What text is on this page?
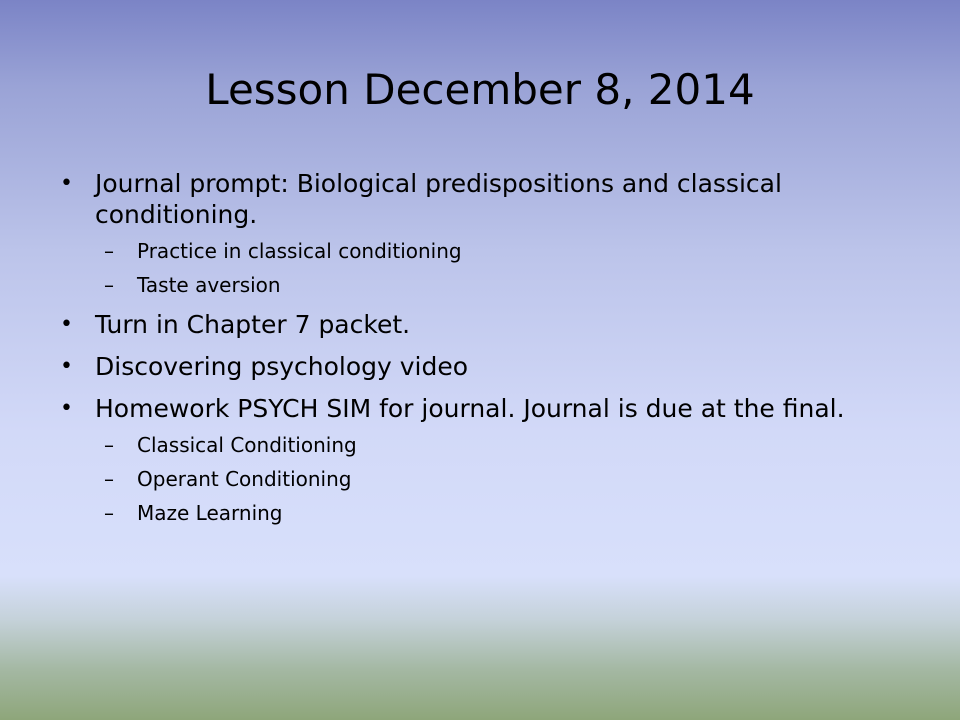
Lesson December 8, 2014
• Journal prompt: Biological predispositions and classical conditioning.
– Practice in classical conditioning
– Taste aversion
• Turn in Chapter 7 packet.
• Discovering psychology video
• Homework PSYCH SIM for journal. Journal is due at the final.
– Classical Conditioning
– Operant Conditioning
– Maze Learning
